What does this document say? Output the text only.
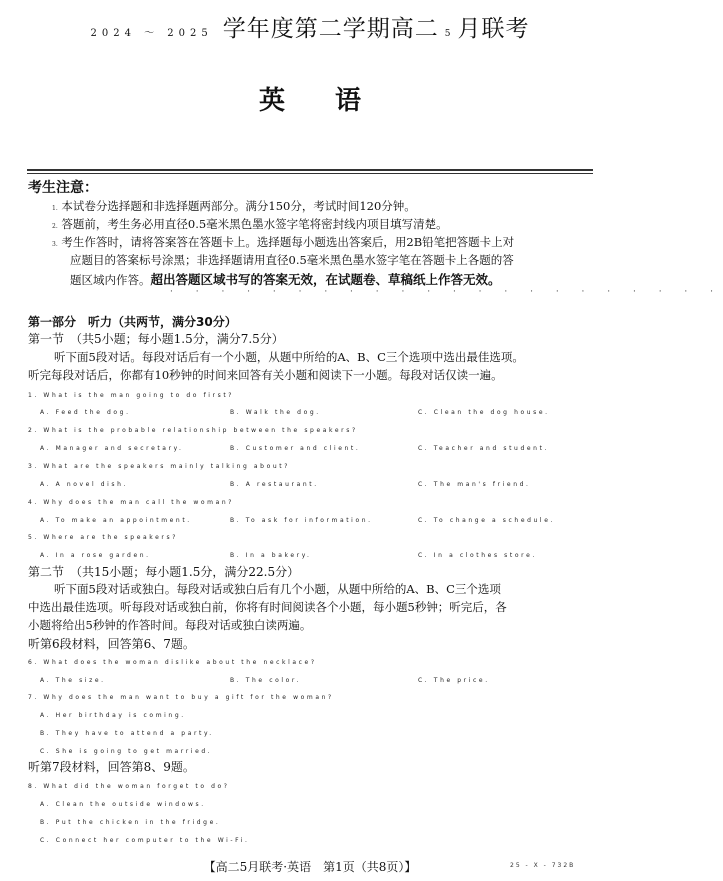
2024 ～ 2025 学年度第二学期高二 5 月联考
英语
考生注意：
1. 本试卷分选择题和非选择题两部分。满分150分，考试时间120分钟。
2. 答题前，考生务必用直径0.5毫米黑色墨水签字笔将密封线内项目填写清楚。
3. 考生作答时，请将答案答在答题卡上。选择题每小题选出答案后，用2B铅笔把答题卡上对
应题目的答案标号涂黑；非选择题请用直径0.5毫米黑色墨水签字笔在答题卡上各题的答
题区域内作答。超出答题区域书写的答案无效，在试题卷、草稿纸上作答无效。
· · · · · · · · · · · · · · · · · · · · · ·
第一部分　听力（共两节，满分30分）
第一节　（共5小题；每小题1.5分，满分7.5分）
听下面5段对话。每段对话后有一个小题，从题中所给的A、B、C三个选项中选出最佳选项。
听完每段对话后，你都有10秒钟的时间来回答有关小题和阅读下一小题。每段对话仅读一遍。
1. What is the man going to do first?
A. Feed the dog.	B. Walk the dog.	C. Clean the dog house.
2. What is the probable relationship between the speakers?
A. Manager and secretary.	B. Customer and client.	C. Teacher and student.
3. What are the speakers mainly talking about?
A. A novel dish.	B. A restaurant.	C. The man's friend.
4. Why does the man call the woman?
A. To make an appointment.	B. To ask for information.	C. To change a schedule.
5. Where are the speakers?
A. In a rose garden.	B. In a bakery.	C. In a clothes store.
第二节　（共15小题；每小题1.5分，满分22.5分）
听下面5段对话或独白。每段对话或独白后有几个小题，从题中所给的A、B、C三个选项
中选出最佳选项。听每段对话或独白前，你将有时间阅读各个小题，每小题5秒钟；听完后，各
小题将给出5秒钟的作答时间。每段对话或独白读两遍。
听第6段材料，回答第6、7题。
6. What does the woman dislike about the necklace?
A. The size.	B. The color.	C. The price.
7. Why does the man want to buy a gift for the woman?
A. Her birthday is coming.
B. They have to attend a party.
C. She is going to get married.
听第7段材料，回答第8、9题。
8. What did the woman forget to do?
A. Clean the outside windows.
B. Put the chicken in the fridge.
C. Connect her computer to the Wi-Fi.
【高二5月联考·英语　第1页（共8页）】	25 - X - 732B
